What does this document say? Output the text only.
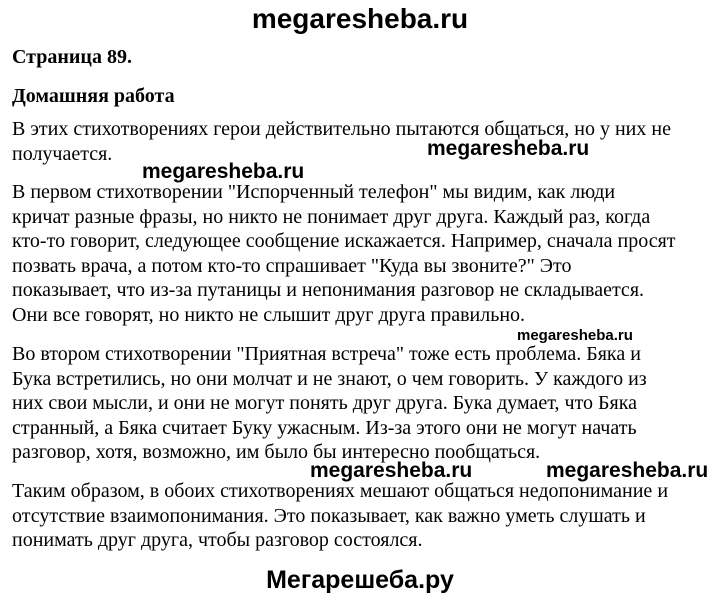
megaresheba.ru
Страница 89.
Домашняя работа
В этих стихотворениях герои действительно пытаются общаться, но у них не
получается.
В первом стихотворении "Испорченный телефон" мы видим, как люди
кричат разные фразы, но никто не понимает друг друга. Каждый раз, когда
кто-то говорит, следующее сообщение искажается. Например, сначала просят
позвать врача, а потом кто-то спрашивает "Куда вы звоните?" Это
показывает, что из-за путаницы и непонимания разговор не складывается.
Они все говорят, но никто не слышит друг друга правильно.
Во втором стихотворении "Приятная встреча" тоже есть проблема. Бяка и
Бука встретились, но они молчат и не знают, о чем говорить. У каждого из
них свои мысли, и они не могут понять друг друга. Бука думает, что Бяка
странный, а Бяка считает Буку ужасным. Из-за этого они не могут начать
разговор, хотя, возможно, им было бы интересно пообщаться.
Таким образом, в обоих стихотворениях мешают общаться недопонимание и
отсутствие взаимопонимания. Это показывает, как важно уметь слушать и
понимать друг друга, чтобы разговор состоялся.
megaresheba.ru
megaresheba.ru
megaresheba.ru
megaresheba.ru	megaresheba.ru
Мегарешеба.ру
